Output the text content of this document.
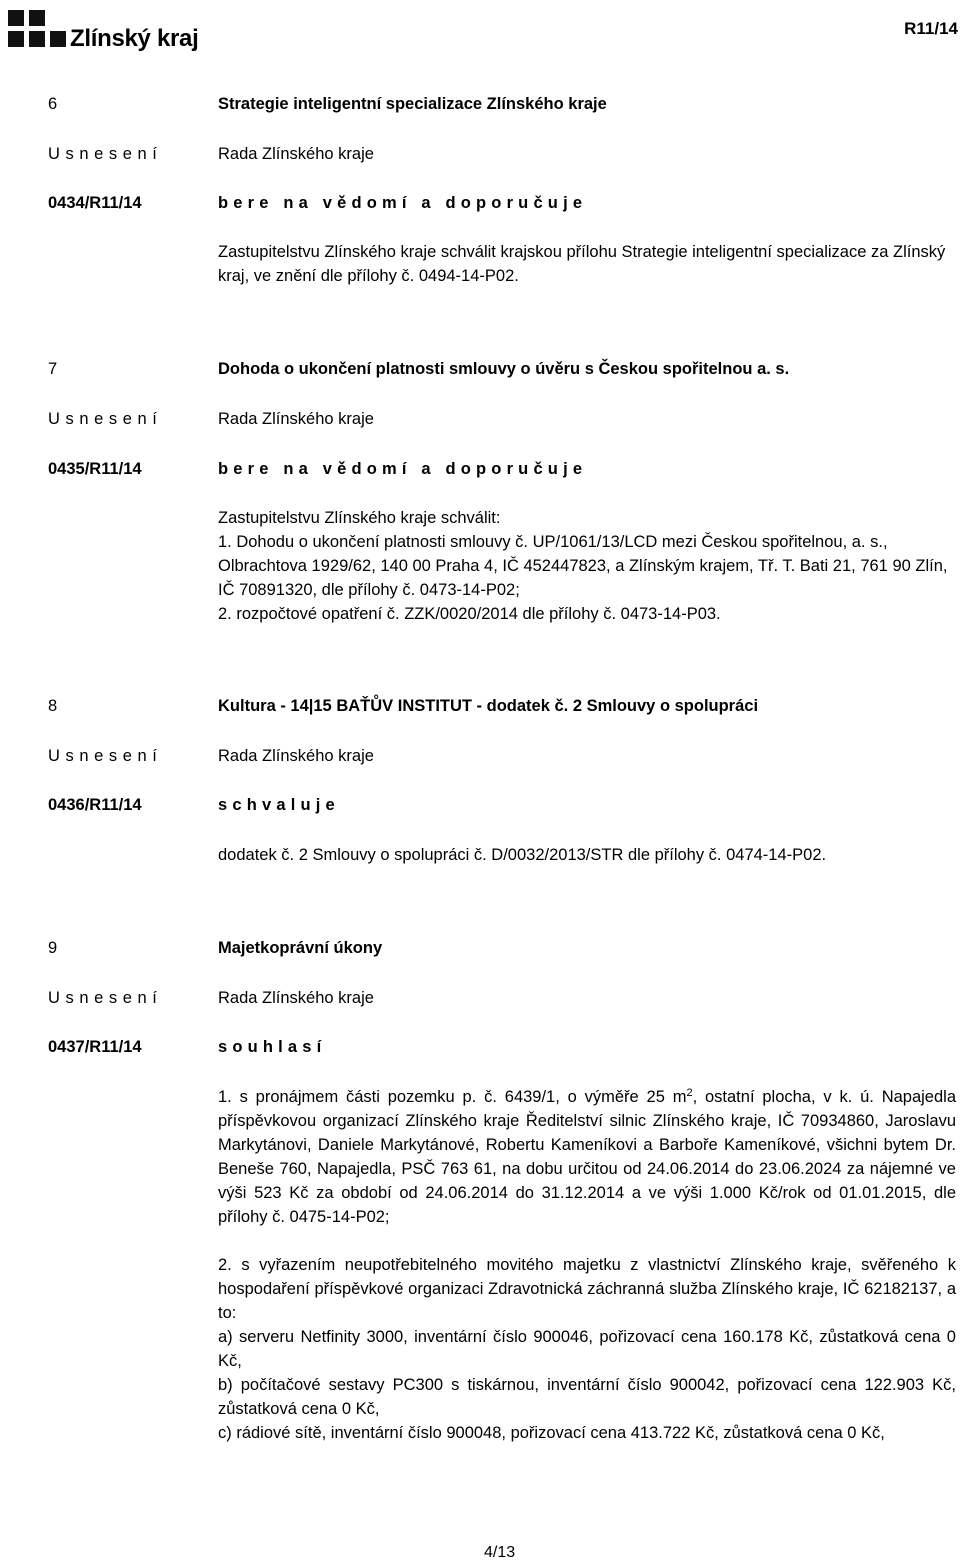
Zlínský kraj	R11/14
6	Strategie inteligentní specializace Zlínského kraje
U s n e s e n í	Rada Zlínského kraje
0434/R11/14	b e r e   n a   v ě d o m í   a   d o p o r u č u j e

Zastupitelstvu Zlínského kraje schválit krajskou přílohu Strategie inteligentní specializace za Zlínský kraj, ve znění dle přílohy č. 0494-14-P02.

7	Dohoda o ukončení platnosti smlouvy o úvěru s Českou spořitelnou a. s.
U s n e s e n í	Rada Zlínského kraje
0435/R11/14	b e r e   n a   v ě d o m í   a   d o p o r u č u j e

Zastupitelstvu Zlínského kraje schválit:

1. Dohodu o ukončení platnosti smlouvy č. UP/1061/13/LCD mezi Českou spořitelnou, a. s., Olbrachtova 1929/62, 140 00 Praha 4, IČ 452447823, a Zlínským krajem, Tř. T. Bati 21, 761 90 Zlín, IČ 70891320, dle přílohy č. 0473-14-P02;

2. rozpočtové opatření č. ZZK/0020/2014 dle přílohy č. 0473-14-P03.

8	Kultura - 14|15 BAŤŮV INSTITUT - dodatek č. 2 Smlouvy o spolupráci
U s n e s e n í	Rada Zlínského kraje
0436/R11/14	s c h v a l u j e

dodatek č. 2 Smlouvy o spolupráci č. D/0032/2013/STR dle přílohy č. 0474-14-P02.

9	Majetkoprávní úkony
U s n e s e n í	Rada Zlínského kraje
0437/R11/14	s o u h l a s í

1. s pronájmem části pozemku p. č. 6439/1, o výměře 25 $m^2$, ostatní plocha, v k. ú. Napajedla příspěvkovou organizací Zlínského kraje Ředitelství silnic Zlínského kraje, IČ 70934860, Jaroslavu Markytánovi, Daniele Markytánové, Robertu Kameníkovi a Barboře Kameníkové, všichni bytem Dr. Beneše 760, Napajedla, PSČ 763 61, na dobu určitou od 24.06.2014 do 23.06.2024 za nájemné ve výši 523 Kč za období od 24.06.2014 do 31.12.2014 a ve výši 1.000 Kč/rok od 01.01.2015, dle přílohy č. 0475-14-P02;

2. s vyřazením neupotřebitelného movitého majetku z vlastnictví Zlínského kraje, svěřeného k hospodaření příspěvkové organizaci Zdravotnická záchranná služba Zlínského kraje, IČ 62182137, a to:

a) serveru Netfinity 3000, inventární číslo 900046, pořizovací cena 160.178 Kč, zůstatková cena 0 Kč,

b) počítačové sestavy PC300 s tiskárnou, inventární číslo 900042, pořizovací cena 122.903 Kč, zůstatková cena 0 Kč,

c) rádiové sítě, inventární číslo 900048, pořizovací cena 413.722 Kč, zůstatková cena 0 Kč,

4/13
